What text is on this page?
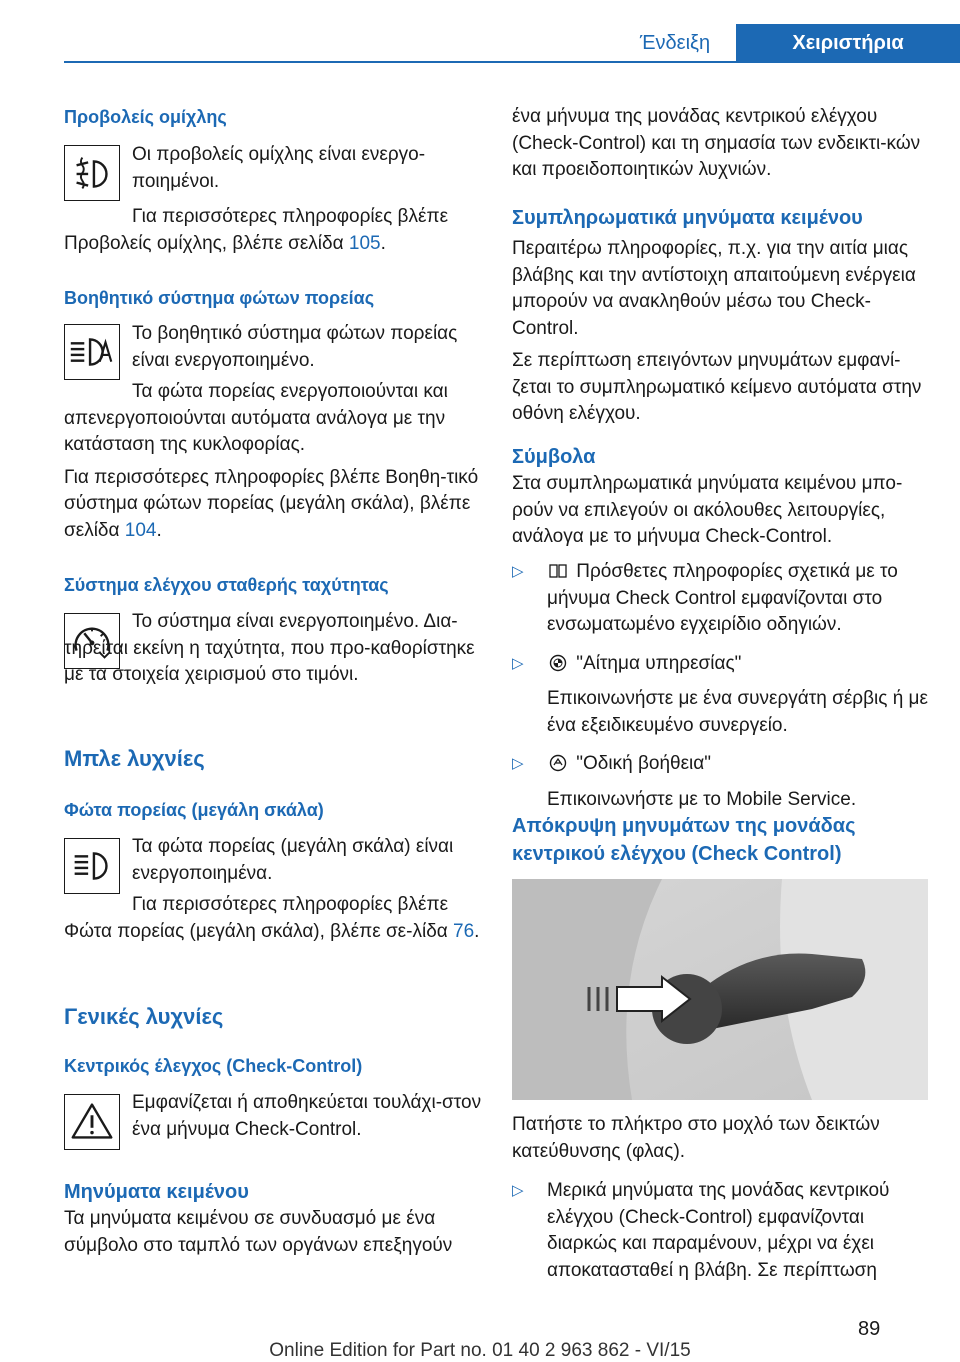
Ένδειξη	Χειριστήρια

Προβολείς ομίχλης

Οι προβολείς ομίχλης είναι ενεργο‐ποιημένοι.

Για περισσότερες πληροφορίες βλέπε Προβολείς ομίχλης, βλέπε σελίδα 105.

Βοηθητικό σύστημα φώτων πορείας

Το βοηθητικό σύστημα φώτων πορείας είναι ενεργοποιημένο.

Τα φώτα πορείας ενεργοποιούνται και απενεργοποιούνται αυτόματα ανάλογα με την κατάσταση της κυκλοφορίας.

Για περισσότερες πληροφορίες βλέπε Βοηθη‐τικό σύστημα φώτων πορείας (μεγάλη σκάλα), βλέπε σελίδα 104.

Σύστημα ελέγχου σταθερής ταχύτητας

Το σύστημα είναι ενεργοποιημένο. Δια‐τηρείται εκείνη η ταχύτητα, που προ‐καθορίστηκε με τα στοιχεία χειρισμού στο τιμόνι.

Μπλε λυχνίες

Φώτα πορείας (μεγάλη σκάλα)

Τα φώτα πορείας (μεγάλη σκάλα) είναι ενεργοποιημένα.

Για περισσότερες πληροφορίες βλέπε Φώτα πορείας (μεγάλη σκάλα), βλέπε σε‐λίδα 76.

Γενικές λυχνίες

Κεντρικός έλεγχος (Check-Control)

Εμφανίζεται ή αποθηκεύεται τουλάχι‐στον ένα μήνυμα Check-Control.

Μηνύματα κειμένου

Τα μηνύματα κειμένου σε συνδυασμό με ένα σύμβολο στο ταμπλό των οργάνων επεξηγούν

ένα μήνυμα της μονάδας κεντρικού ελέγχου (Check-Control) και τη σημασία των ενδεικτι‐κών και προειδοποιητικών λυχνιών.

Συμπληρωματικά μηνύματα κειμένου

Περαιτέρω πληροφορίες, π.χ. για την αιτία μιας βλάβης και την αντίστοιχη απαιτούμενη ενέργεια μπορούν να ανακληθούν μέσω του Check-Control.

Σε περίπτωση επειγόντων μηνυμάτων εμφανί‐ζεται το συμπληρωματικό κείμενο αυτόματα στην οθόνη ελέγχου.

Σύμβολα

Στα συμπληρωματικά μηνύματα κειμένου μπο‐ρούν να επιλεγούν οι ακόλουθες λειτουργίες, ανάλογα με το μήνυμα Check-Control.

▷	Πρόσθετες πληροφορίες σχετικά με το μήνυμα Check Control εμφανίζονται στο ενσωματωμένο εγχειρίδιο οδηγιών.
▷	"Αίτημα υπηρεσίας"

Επικοινωνήστε με ένα συνεργάτη σέρβις ή με ένα εξειδικευμένο συνεργείο.

▷	"Οδική βοήθεια"

Επικοινωνήστε με το Mobile Service.

Απόκρυψη μηνυμάτων της μονάδας κεντρικού ελέγχου (Check Control)

Πατήστε το πλήκτρο στο μοχλό των δεικτών κατεύθυνσης (φλας).

▷ Μερικά μηνύματα της μονάδας κεντρικού ελέγχου (Check-Control) εμφανίζονται διαρκώς και παραμένουν, μέχρι να έχει αποκατασταθεί η βλάβη. Σε περίπτωση
89
Online Edition for Part no. 01 40 2 963 862 - VI/15
